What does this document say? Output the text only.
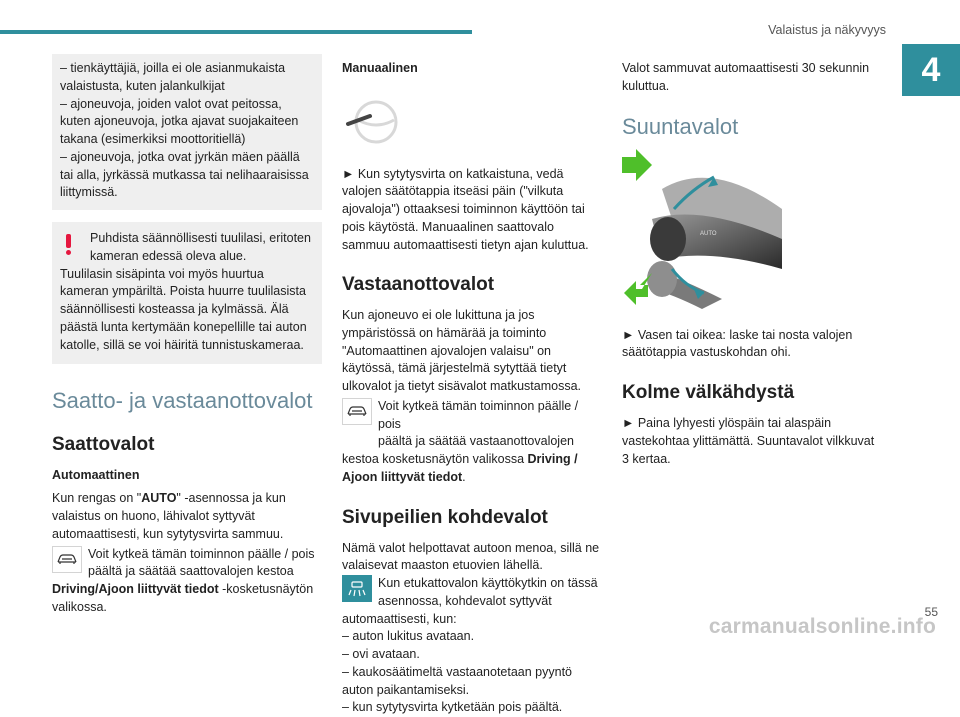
Valaistus ja näkyvyys
4

– tienkäyttäjiä, joilla ei ole asianmukaista valaistusta, kuten jalankulkijat

– ajoneuvoja, joiden valot ovat peitossa, kuten ajoneuvoja, jotka ajavat suojakaiteen takana (esimerkiksi moottoritiellä)

– ajoneuvoja, jotka ovat jyrkän mäen päällä tai alla, jyrkässä mutkassa tai nelihaaraisissa liittymissä.

Puhdista säännöllisesti tuulilasi, eritoten kameran edessä oleva alue.

Tuulilasin sisäpinta voi myös huurtua kameran ympäriltä. Poista huurre tuulilasista säännöllisesti kosteassa ja kylmässä. Älä päästä lunta kertymään konepellille tai auton katolle, sillä se voi häiritä tunnistuskameraa.

Saatto- ja vastaanottovalot
Saattovalot
Automaattinen

Kun rengas on "AUTO" -asennossa ja kun valaistus on huono, lähivalot syttyvät automaattisesti, kun sytytysvirta sammuu.

Voit kytkeä tämän toiminnon päälle / pois
päältä ja säätää saattovalojen kestoa

Driving/Ajoon liittyvät tiedot -kosketusnäytön valikossa.

Manuaalinen

► Kun sytytysvirta on katkaistuna, vedä valojen säätötappia itseäsi päin ("vilkuta ajovaloja") ottaaksesi toiminnon käyttöön tai pois käytöstä. Manuaalinen saattovalo sammuu automaattisesti tietyn ajan kuluttua.

Vastaanottovalot

Kun ajoneuvo ei ole lukittuna ja jos ympäristössä on hämärää ja toiminto "Automaattinen ajovalojen valaisu" on käytössä, tämä järjestelmä sytyttää tietyt ulkovalot ja tietyt sisävalot matkustamossa.

Voit kytkeä tämän toiminnon päälle / pois
päältä ja säätää vastaanottovalojen

kestoa kosketusnäytön valikossa Driving / Ajoon liittyvät tiedot.

Sivupeilien kohdevalot

Nämä valot helpottavat autoon menoa, sillä ne valaisevat maaston etuovien lähellä.

Kun etukattovalon käyttökytkin on tässä
asennossa, kohdevalot syttyvät

automaattisesti, kun:

– auton lukitus avataan.

– ovi avataan.

– kaukosäätimeltä vastaanotetaan pyyntö auton paikantamiseksi.

– kun sytytysvirta kytketään pois päältä.

Valot sammuvat automaattisesti 30 sekunnin kuluttua.

Suuntavalot
AUTO

► Vasen tai oikea: laske tai nosta valojen säätötappia vastuskohdan ohi.

Kolme välkähdystä

► Paina lyhyesti ylöspäin tai alaspäin vastekohtaa ylittämättä. Suuntavalot vilkkuvat 3 kertaa.

55
carmanualsonline.info
